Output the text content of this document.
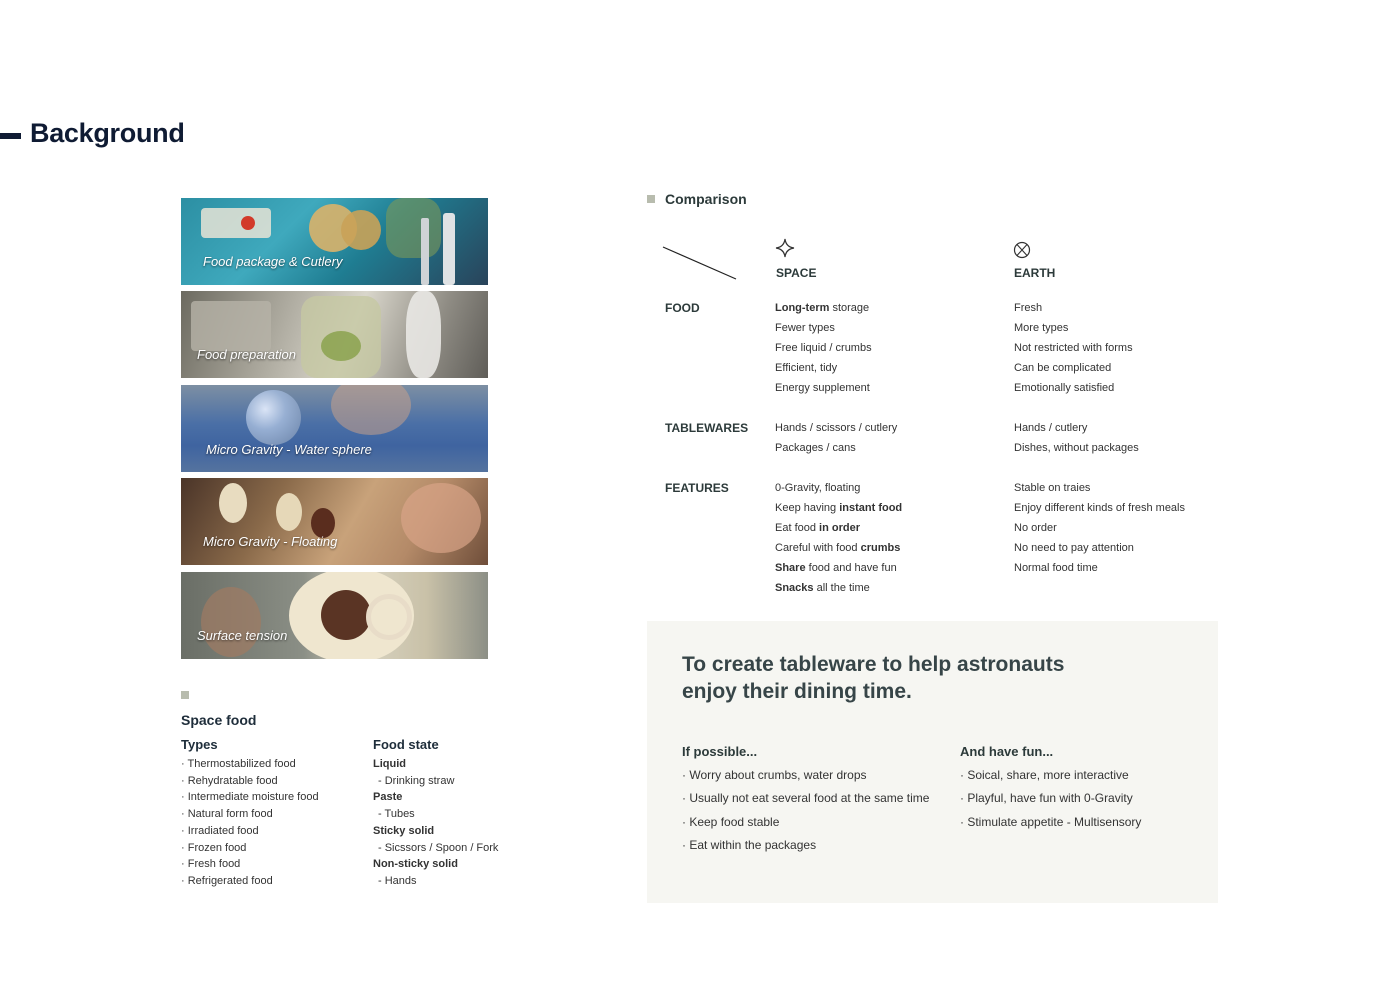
Background
Food package & Cutlery
Food preparation
Micro Gravity - Water sphere
Micro Gravity - Floating
Surface tension
Space food
Types
· Thermostabilized food
· Rehydratable food
· Intermediate moisture food
· Natural form food
· Irradiated food
· Frozen food
· Fresh food
· Refrigerated food
Food state
Liquid
- Drinking straw
Paste
- Tubes
Sticky solid
- Sicssors / Spoon / Fork
Non-sticky solid
- Hands
Comparison
SPACE	EARTH
FOOD
TABLEWARES
FEATURES
Long-term storage
Fewer types
Free liquid / crumbs
Efficient, tidy
Energy supplement
Fresh
More types
Not restricted with forms
Can be complicated
Emotionally satisfied
Hands / scissors / cutlery
Packages / cans
Hands / cutlery
Dishes, without packages
0-Gravity, floating
Keep having instant food
Eat food in order
Careful with food crumbs
Share food and have fun
Snacks all the time
Stable on traies
Enjoy different kinds of fresh meals
No order
No need to pay attention
Normal food time
To create tableware to help astronauts
enjoy their dining time.
If possible...
· Worry about crumbs, water drops
· Usually not eat several food at the same time
· Keep food stable
· Eat within the packages
And have fun...
· Soical, share, more interactive
· Playful, have fun with 0-Gravity
· Stimulate appetite - Multisensory
